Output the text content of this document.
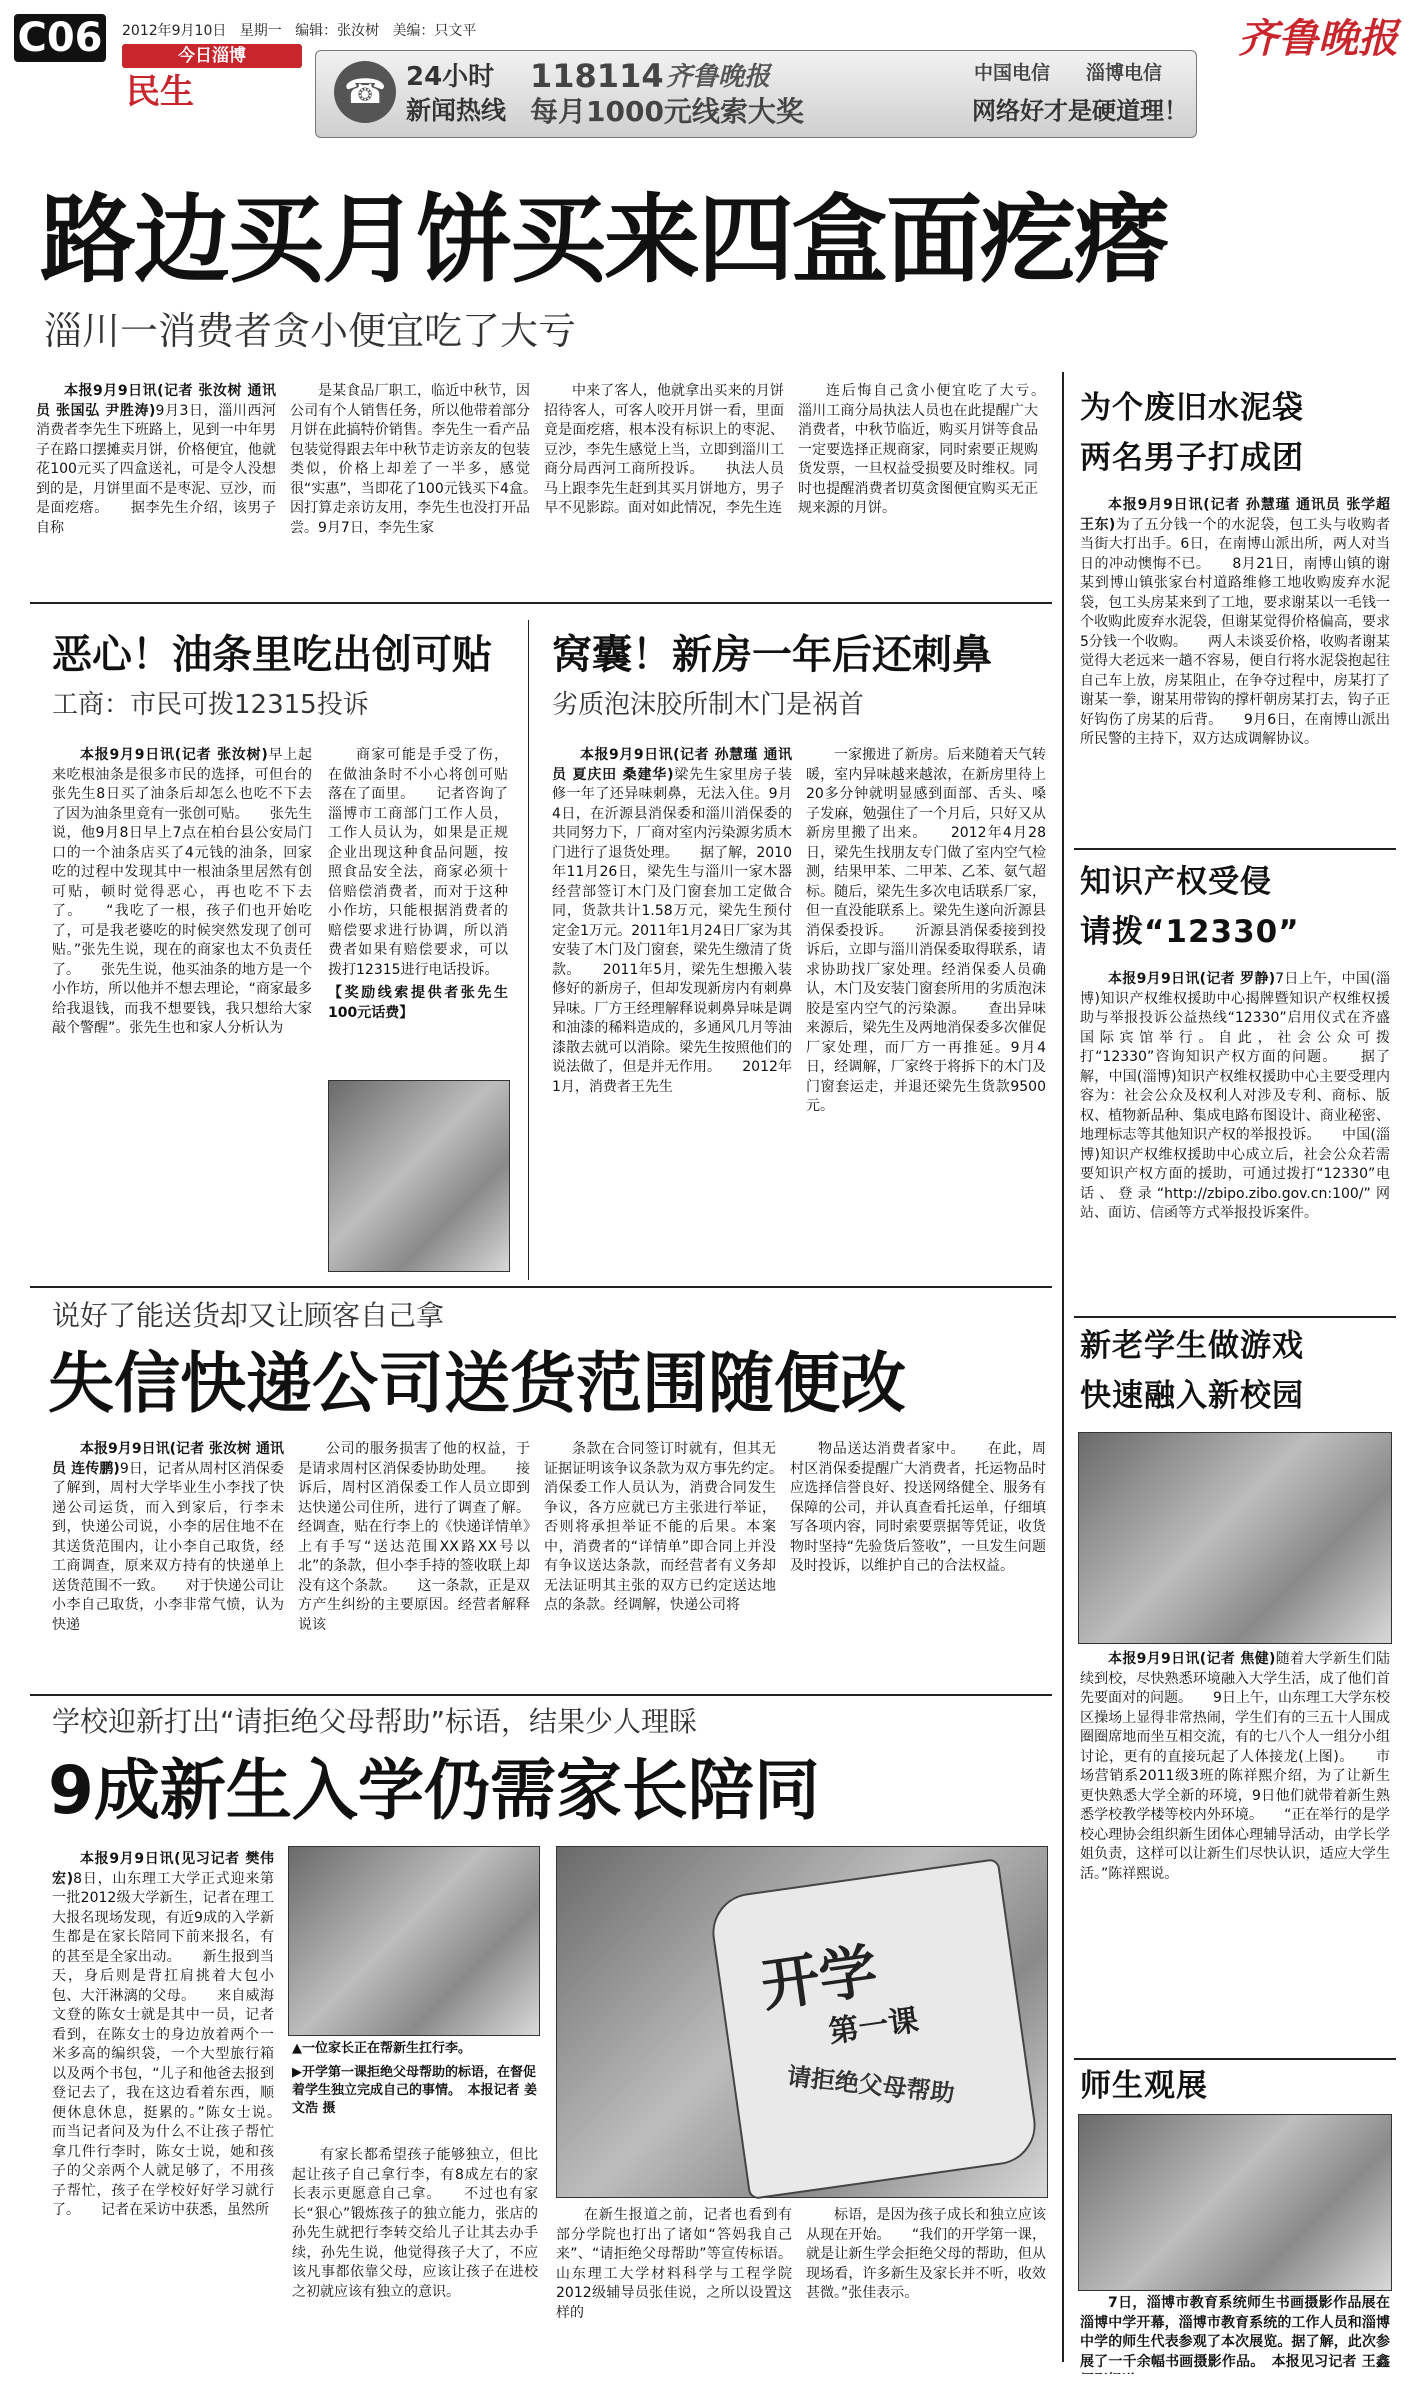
C06 2012年9月10日 星期一 编辑：张汝树 美编：只文平
今日淄博
民生
齐鲁晚报
☎ 24小时
新闻热线
118114 齐鲁晚报
每月1000元线索大奖
中国电信 淄博电信
网络好才是硬道理！
路边买月饼买来四盒面疙瘩
淄川一消费者贪小便宜吃了大亏

本报9月9日讯(记者 张汝树 通讯员 张国弘 尹胜涛)9月3日，淄川西河消费者李先生下班路上，见到一中年男子在路口摆摊卖月饼，价格便宜，他就花100元买了四盒送礼，可是令人没想到的是，月饼里面不是枣泥、豆沙，而是面疙瘩。　　据李先生介绍，该男子自称

是某食品厂职工，临近中秋节，因公司有个人销售任务，所以他带着部分月饼在此搞特价销售。李先生一看产品包装觉得跟去年中秋节走访亲友的包装类似，价格上却差了一半多，感觉很“实惠”，当即花了100元钱买下4盒。　　因打算走亲访友用，李先生也没打开品尝。9月7日，李先生家

中来了客人，他就拿出买来的月饼招待客人，可客人咬开月饼一看，里面竟是面疙瘩，根本没有标识上的枣泥、豆沙，李先生感觉上当，立即到淄川工商分局西河工商所投诉。　　执法人员马上跟李先生赶到其买月饼地方，男子早不见影踪。面对如此情况，李先生连

连后悔自己贪小便宜吃了大亏。　　淄川工商分局执法人员也在此提醒广大消费者，中秋节临近，购买月饼等食品一定要选择正规商家，同时索要正规购货发票，一旦权益受损要及时维权。同时也提醒消费者切莫贪图便宜购买无正规来源的月饼。

恶心！油条里吃出创可贴
工商：市民可拨12315投诉

本报9月9日讯(记者 张汝树)早上起来吃根油条是很多市民的选择，可但台的张先生8日买了油条后却怎么也吃不下去了因为油条里竟有一张创可贴。　　张先生说，他9月8日早上7点在柏台县公安局门口的一个油条店买了4元钱的油条，回家吃的过程中发现其中一根油条里居然有创可贴，顿时觉得恶心，再也吃不下去了。　　“我吃了一根，孩子们也开始吃了，可是我老婆吃的时候突然发现了创可贴。”张先生说，现在的商家也太不负责任了。　　张先生说，他买油条的地方是一个小作坊，所以他并不想去理论，“商家最多给我退钱，而我不想要钱，我只想给大家敲个警醒”。张先生也和家人分析认为

商家可能是手受了伤，在做油条时不小心将创可贴落在了面里。　　记者咨询了淄博市工商部门工作人员，工作人员认为，如果是正规企业出现这种食品问题，按照食品安全法，商家必须十倍赔偿消费者，而对于这种小作坊，只能根据消费者的赔偿要求进行协调，所以消费者如果有赔偿要求，可以拨打12315进行电话投诉。

【奖励线索提供者张先生100元话费】
窝囊！新房一年后还刺鼻
劣质泡沫胶所制木门是祸首

本报9月9日讯(记者 孙慧瑾 通讯员 夏庆田 桑建华)梁先生家里房子装修一年了还异味刺鼻，无法入住。9月4日，在沂源县消保委和淄川消保委的共同努力下，厂商对室内污染源劣质木门进行了退货处理。　　据了解，2010年11月26日，梁先生与淄川一家木器经营部签订木门及门窗套加工定做合同，货款共计1.58万元，梁先生预付定金1万元。2011年1月24日厂家为其安装了木门及门窗套，梁先生缴清了货款。　　2011年5月，梁先生想搬入装修好的新房子，但却发现新房内有刺鼻异味。厂方王经理解释说刺鼻异味是调和油漆的稀料造成的，多通风几月等油漆散去就可以消除。梁先生按照他们的说法做了，但是并无作用。　　2012年1月，消费者王先生

一家搬进了新房。后来随着天气转暖，室内异味越来越浓，在新房里待上20多分钟就明显感到面部、舌头、嗓子发麻，勉强住了一个月后，只好又从新房里搬了出来。　　2012年4月28日，梁先生找朋友专门做了室内空气检测，结果甲苯、二甲苯、乙苯、氨气超标。随后，梁先生多次电话联系厂家，但一直没能联系上。梁先生遂向沂源县消保委投诉。　　沂源县消保委接到投诉后，立即与淄川消保委取得联系，请求协助找厂家处理。经消保委人员确认，木门及安装门窗套所用的劣质泡沫胶是室内空气的污染源。　　查出异味来源后，梁先生及两地消保委多次催促厂家处理，而厂方一再推延。9月4日，经调解，厂家终于将拆下的木门及门窗套运走，并退还梁先生货款9500元。

说好了能送货却又让顾客自己拿
失信快递公司送货范围随便改

本报9月9日讯(记者 张汝树 通讯员 连传鹏)9日，记者从周村区消保委了解到，周村大学毕业生小李找了快递公司运货，而入到家后，行李未到，快递公司说，小李的居住地不在其送货范围内，让小李自己取货，经工商调查，原来双方持有的快递单上送货范围不一致。　　对于快递公司让小李自己取货，小李非常气愤，认为快递

公司的服务损害了他的权益，于是请求周村区消保委协助处理。　　接诉后，周村区消保委工作人员立即到达快递公司住所，进行了调查了解。经调查，贴在行李上的《快递详情单》上有手写“送达范围XX路XX号以北”的条款，但小李手持的签收联上却没有这个条款。　　这一条款，正是双方产生纠纷的主要原因。经营者解释说该

条款在合同签订时就有，但其无证据证明该争议条款为双方事先约定。　　消保委工作人员认为，消费合同发生争议，各方应就已方主张进行举证，否则将承担举证不能的后果。本案中，消费者的“详情单”即合同上并没有争议送达条款，而经营者有义务却无法证明其主张的双方已约定送达地点的条款。经调解，快递公司将

物品送达消费者家中。　　在此，周村区消保委提醒广大消费者，托运物品时应选择信誉良好、投送网络健全、服务有保障的公司，并认真查看托运单，仔细填写各项内容，同时索要票据等凭证，收货物时坚持“先验货后签收”，一旦发生问题及时投诉，以维护自己的合法权益。

学校迎新打出“请拒绝父母帮助”标语，结果少人理睬
9成新生入学仍需家长陪同

本报9月9日讯(见习记者 樊伟宏)8日，山东理工大学正式迎来第一批2012级大学新生，记者在理工大报名现场发现，有近9成的入学新生都是在家长陪同下前来报名，有的甚至是全家出动。　　新生报到当天，身后则是背扛肩挑着大包小包、大汗淋漓的父母。　　来自威海文登的陈女士就是其中一员，记者看到，在陈女士的身边放着两个一米多高的编织袋，一个大型旅行箱以及两个书包，“儿子和他爸去报到登记去了，我在这边看着东西，顺便休息休息，挺累的。”陈女士说。　　而当记者问及为什么不让孩子帮忙拿几件行李时，陈女士说，她和孩子的父亲两个人就足够了，不用孩子帮忙，孩子在学校好好学习就行了。　　记者在采访中获悉，虽然所

▲一位家长正在帮新生扛行李。
▶开学第一课拒绝父母帮助的标语，在督促着学生独立完成自己的事情。　本报记者 姜文浩 摄
开学
第一课
请拒绝父母帮助

有家长都希望孩子能够独立，但比起让孩子自己拿行李，有8成左右的家长表示更愿意自己拿。　　不过也有家长“狠心”锻炼孩子的独立能力，张店的孙先生就把行李转交给儿子让其去办手续，孙先生说，他觉得孩子大了，不应该凡事都依靠父母，应该让孩子在进校之初就应该有独立的意识。

在新生报道之前，记者也看到有部分学院也打出了诸如“答妈我自己来”、“请拒绝父母帮助”等宣传标语。山东理工大学材料科学与工程学院2012级辅导员张佳说，之所以设置这样的

标语，是因为孩子成长和独立应该从现在开始。　　“我们的开学第一课，就是让新生学会拒绝父母的帮助，但从现场看，许多新生及家长并不听，收效甚微。”张佳表示。

为个废旧水泥袋
两名男子打成团

本报9月9日讯(记者 孙慧瑾 通讯员 张学超 王东)为了五分钱一个的水泥袋，包工头与收购者当街大打出手。6日，在南博山派出所，两人对当日的冲动懊悔不已。　　8月21日，南博山镇的谢某到博山镇张家台村道路维修工地收购废弃水泥袋，包工头房某来到了工地，要求谢某以一毛钱一个收购此废弃水泥袋，但谢某觉得价格偏高，要求5分钱一个收购。　　两人未谈妥价格，收购者谢某觉得大老远来一趟不容易，便自行将水泥袋抱起往自己车上放，房某阻止，在争夺过程中，房某打了谢某一拳，谢某用带钩的撑杆朝房某打去，钩子正好钩伤了房某的后背。　　9月6日，在南博山派出所民警的主持下，双方达成调解协议。

知识产权受侵
请拨“12330”

本报9月9日讯(记者 罗静)7日上午，中国(淄博)知识产权维权援助中心揭牌暨知识产权维权援助与举报投诉公益热线“12330”启用仪式在齐盛国际宾馆举行。自此，社会公众可拨打“12330”咨询知识产权方面的问题。　　据了解，中国(淄博)知识产权维权援助中心主要受理内容为：社会公众及权利人对涉及专利、商标、版权、植物新品种、集成电路布图设计、商业秘密、地理标志等其他知识产权的举报投诉。　　中国(淄博)知识产权维权援助中心成立后，社会公众若需要知识产权方面的援助，可通过拨打“12330”电话、登录“http://zbipo.zibo.gov.cn:100/”网站、面访、信函等方式举报投诉案件。

新老学生做游戏
快速融入新校园

本报9月9日讯(记者 焦健)随着大学新生们陆续到校，尽快熟悉环境融入大学生活，成了他们首先要面对的问题。　　9日上午，山东理工大学东校区操场上显得非常热闹，学生们有的三五十人围成圈圈席地而坐互相交流，有的七八个人一组分小组讨论，更有的直接玩起了人体接龙(上图)。　　市场营销系2011级3班的陈祥熙介绍，为了让新生更快熟悉大学全新的环境，9日他们就带着新生熟悉学校教学楼等校内外环境。　　“正在举行的是学校心理协会组织新生团体心理辅导活动，由学长学姐负责，这样可以让新生们尽快认识，适应大学生活。”陈祥熙说。

师生观展

7日，淄博市教育系统师生书画摄影作品展在淄博中学开幕，淄博市教育系统的工作人员和淄博中学的师生代表参观了本次展览。据了解，此次参展了一千余幅书画摄影作品。　本报见习记者 王鑫　
